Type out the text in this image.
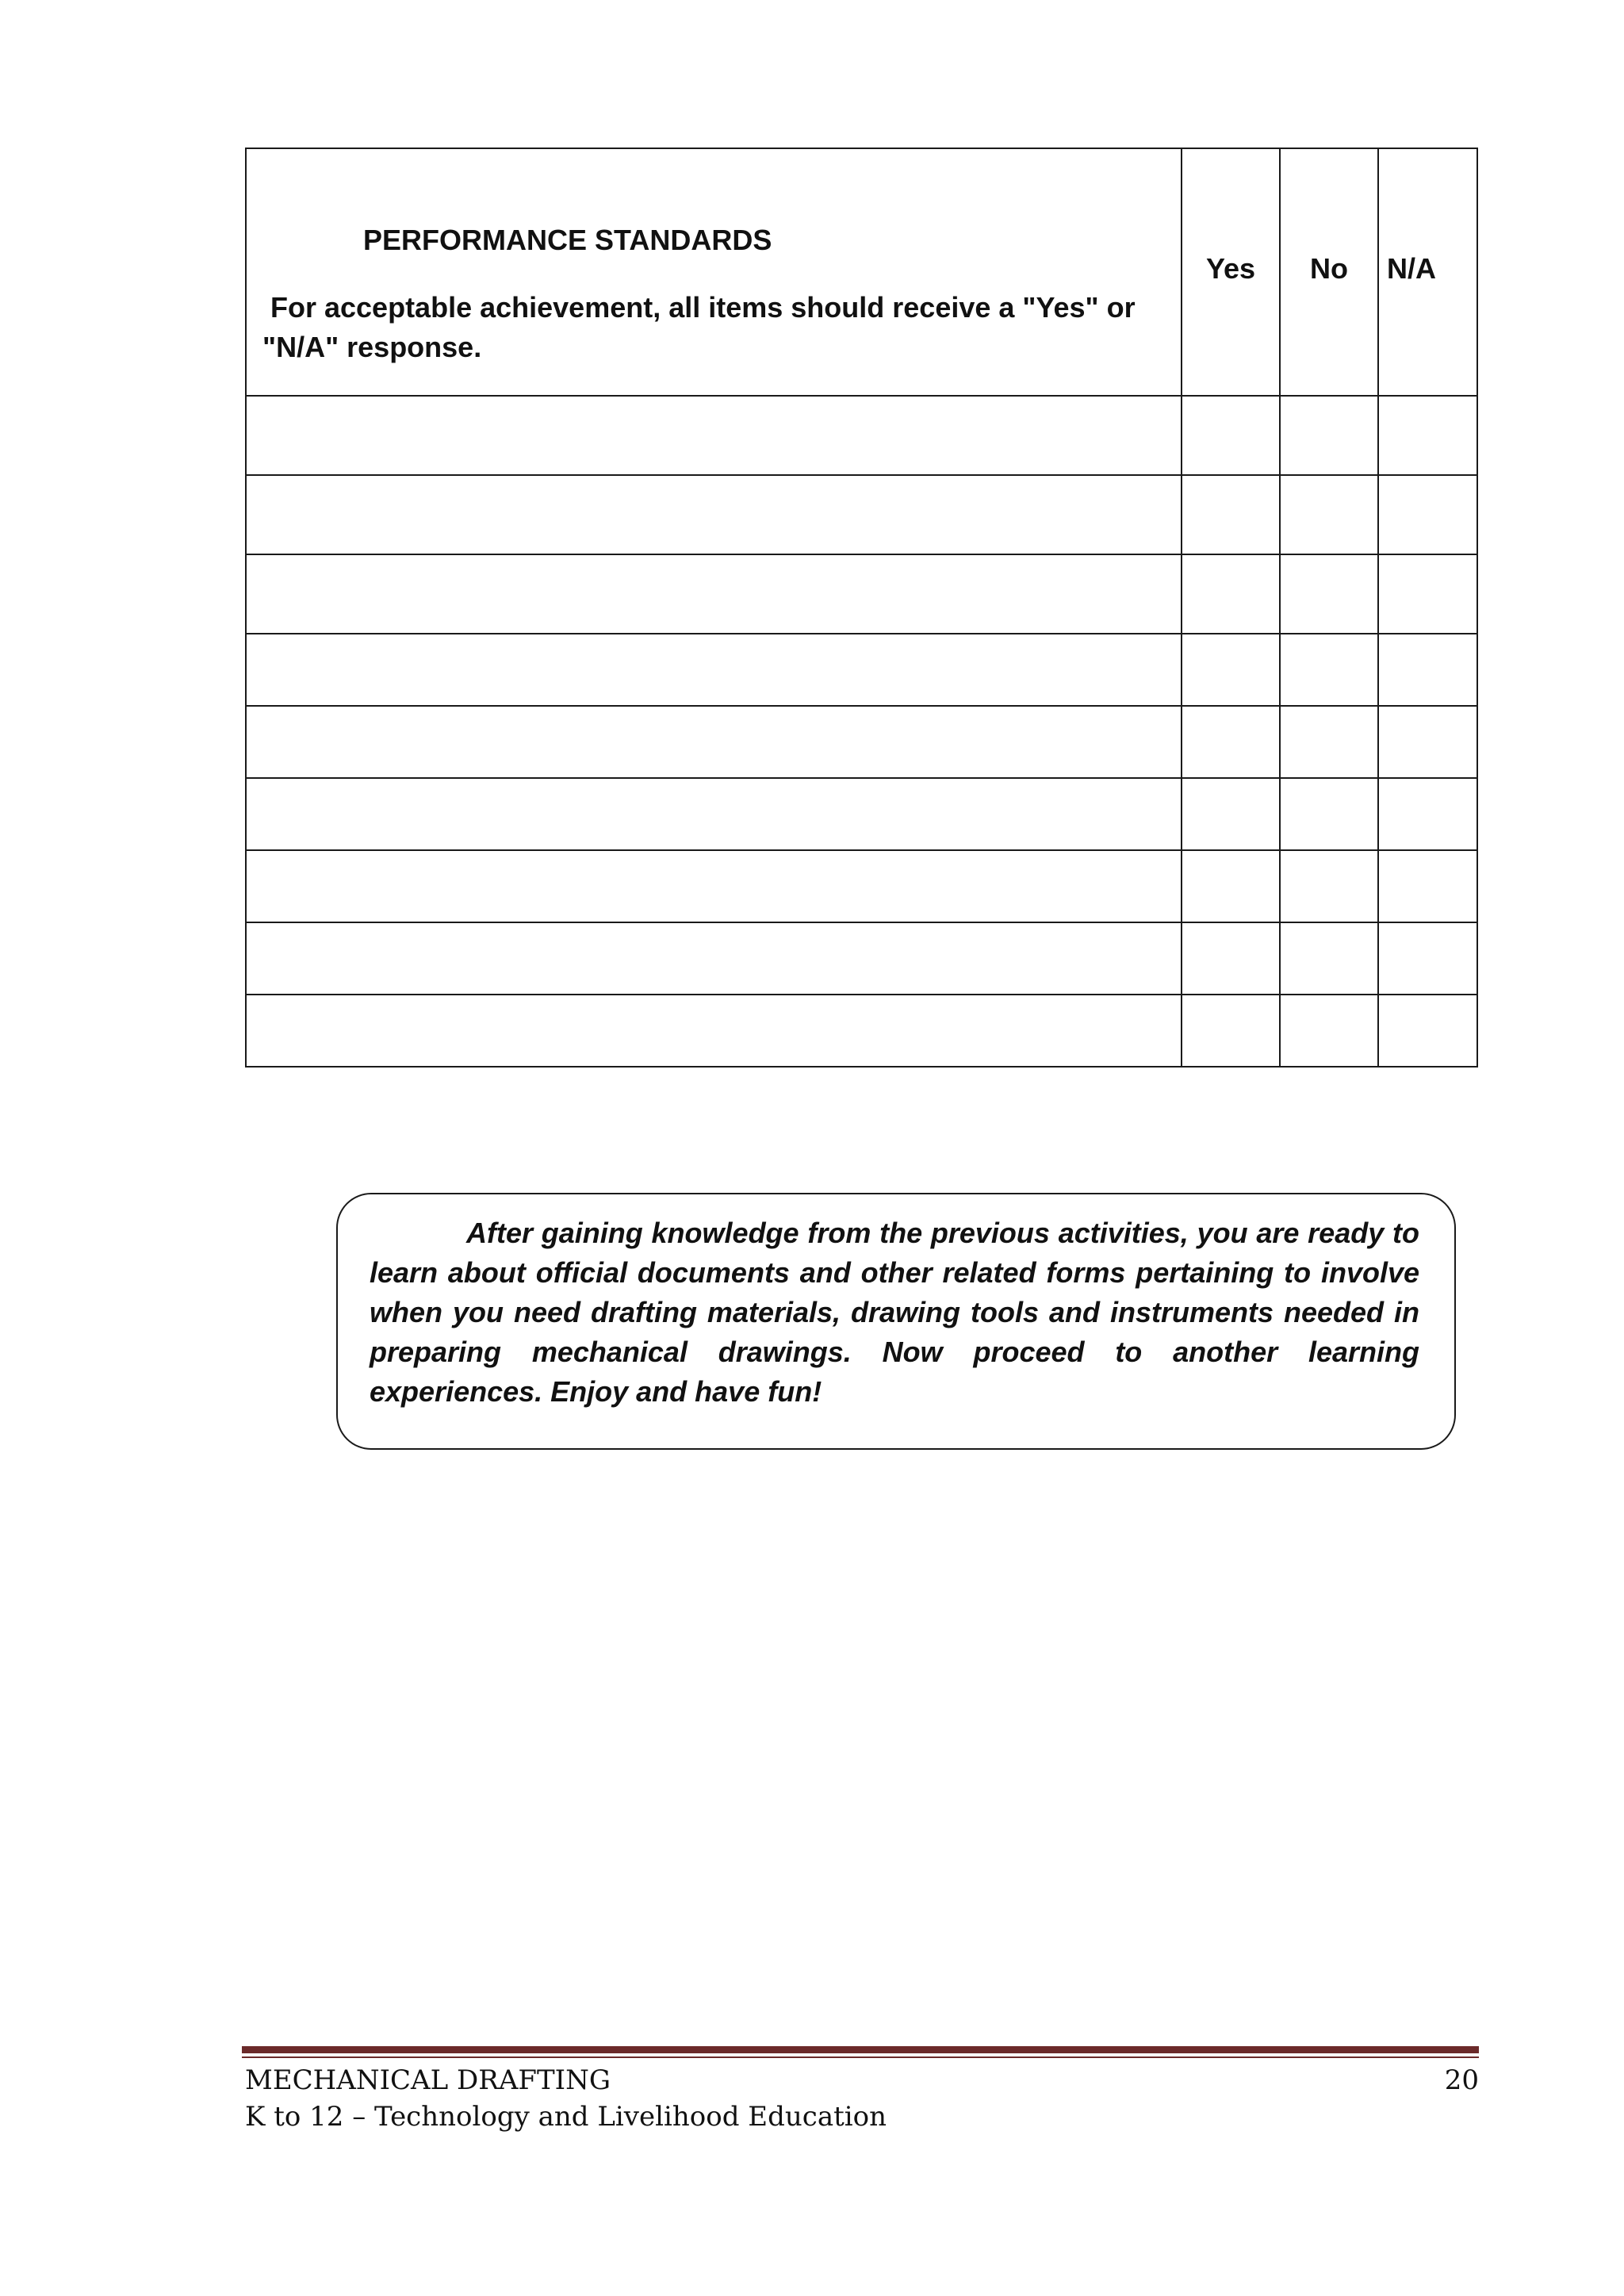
PERFORMANCE STANDARDS
For acceptable achievement, all items should receive a "Yes" or "N/A" response.	Yes	No	N/A

After gaining knowledge from the previous activities, you are ready to learn about official documents and other related forms pertaining to involve when you need drafting materials, drawing tools and instruments needed in preparing mechanical drawings. Now proceed to another learning experiences. Enjoy and have fun!

MECHANICAL DRAFTING
K to 12 – Technology and Livelihood Education
20
